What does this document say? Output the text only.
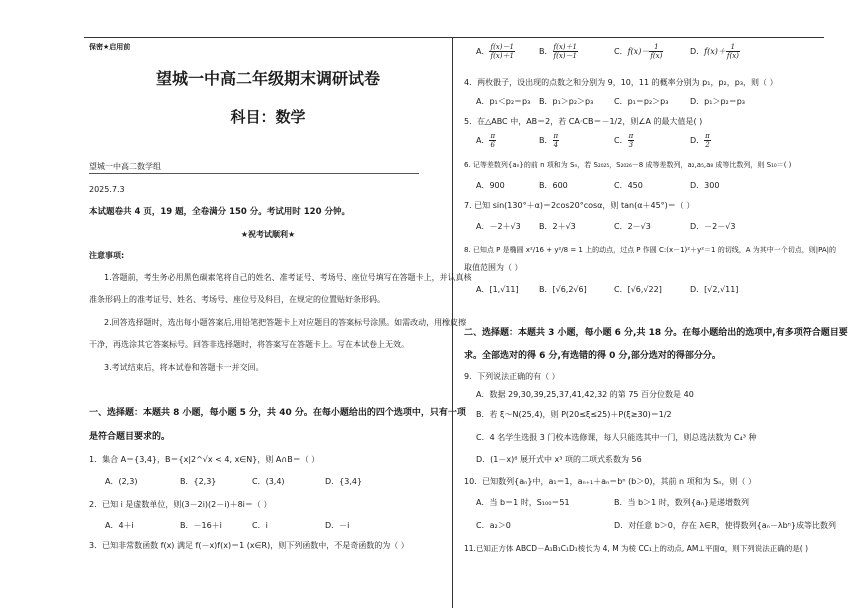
保密★启用前
望城一中高二年级期末调研试卷
科目：数学
望城一中高二数学组
2025.7.3
本试题卷共 4 页，19 题，全卷满分 150 分。考试用时 120 分钟。
★祝考试顺利★
注意事项:
1.答题前，考生务必用黑色碳素笔将自己的姓名、准考证号、考场号、座位号填写在答题卡上，并认真核
准条形码上的准考证号、姓名、考场号、座位号及科目，在规定的位置贴好条形码。
2.回答选择题时，选出每小题答案后,用铅笔把答题卡上对应题目的答案标号涂黑。如需改动，用橡皮擦
干净，再选涂其它答案标号。回答非选择题时，将答案写在答题卡上。写在本试卷上无效。
3.考试结束后，将本试卷和答题卡一并交回。
一、选择题：本题共 8 小题，每小题 5 分，共 40 分。在每小题给出的四个选项中，只有一项
是符合题目要求的。
1．集合 A＝{3,4}，B＝{x|2^√x < 4, x∈N}，则 A∩B＝（ ）
A．(2,3)	B．{2,3}	C．(3,4)	D．{3,4}
2．已知 i 是虚数单位，则(3－2i)(2－i)＋8i＝（ ）
A．4＋i	B．－16＋i	C．i	D．－i
3．已知非常数函数 f(x) 满足 f(－x)f(x)＝1 (x∈R)，则下列函数中，不是奇函数的为（ ）
A． $\frac{f(x)-1}{f(x)+1}$	B． $\frac{f(x)+1}{f(x)-1}$	C．$f(x)- \frac{1}{f(x)}$	D．$f(x)+ \frac{1}{f(x)}$
4．两枚骰子，设出现的点数之和分别为 9，10，11 的概率分别为 p₁，p₂，p₃，则（ ）
A．p₁＜p₂＝p₃ B．p₁＞p₂＞p₃	C．p₁＝p₂＞p₃	D．p₁＞p₂＝p₃
5．在△ABC 中，AB＝2，若 CA·CB＝－1/2，则∠A 的最大值是( )
A． $\frac{\pi}{6}$	B． $\frac{\pi}{4}$	C． $\frac{\pi}{3}$	D． $\frac{\pi}{2}$
6. 记等差数列{aₙ}的前 n 项和为 Sₙ，若 S₂₀₂₅，S₂₀₂₆－8 成等差数列，a₂,a₅,a₈ 成等比数列，则 S₁₀＝( )
A．900	B．600	C．450	D．300
7. 已知 sin(130°＋α)＝2cos20°cosα，则 tan(α＋45°)＝（ ）
A．－2＋√3 B．2＋√3	C．2－√3	D．－2－√3
8. 已知点 P 是椭圆 x²/16 + y²/8 = 1 上的动点，过点 P 作圆 C:(x－1)²＋y²＝1 的切线，A 为其中一个切点，则|PA|的
取值范围为（ ）
A．[1,√11]	B．[√6,2√6]	C．[√6,√22]	D．[√2,√11]
二、选择题：本题共 3 小题，每小题 6 分,共 18 分。在每小题给出的选项中,有多项符合题目要
求。全部选对的得 6 分,有选错的得 0 分,部分选对的得部分分。
9．下列说法正确的有（ ）
A．数据 29,30,39,25,37,41,42,32 的第 75 百分位数是 40
B．若 ξ～N(25,4)，则 P(20≤ξ≤25)＋P(ξ≥30)＝1/2
C．4 名学生选报 3 门校本选修课，每人只能选其中一门，则总选法数为 C₄³ 种
D．(1－x)⁸ 展开式中 x³ 项的二项式系数为 56
10．已知数列{aₙ}中，a₁＝1，aₙ₊₁＋aₙ＝bⁿ (b＞0)，其前 n 项和为 Sₙ，则（ ）
A．当 b＝1 时，S₁₀₀＝51	B．当 b＞1 时，数列{aₙ}是递增数列
C．a₂＞0	D．对任意 b＞0，存在 λ∈R，使得数列{aₙ－λbⁿ}成等比数列
11.已知正方体 ABCD－A₁B₁C₁D₁棱长为 4, M 为棱 CC₁上的动点, AM⊥平面α，则下列说法正确的是( )
